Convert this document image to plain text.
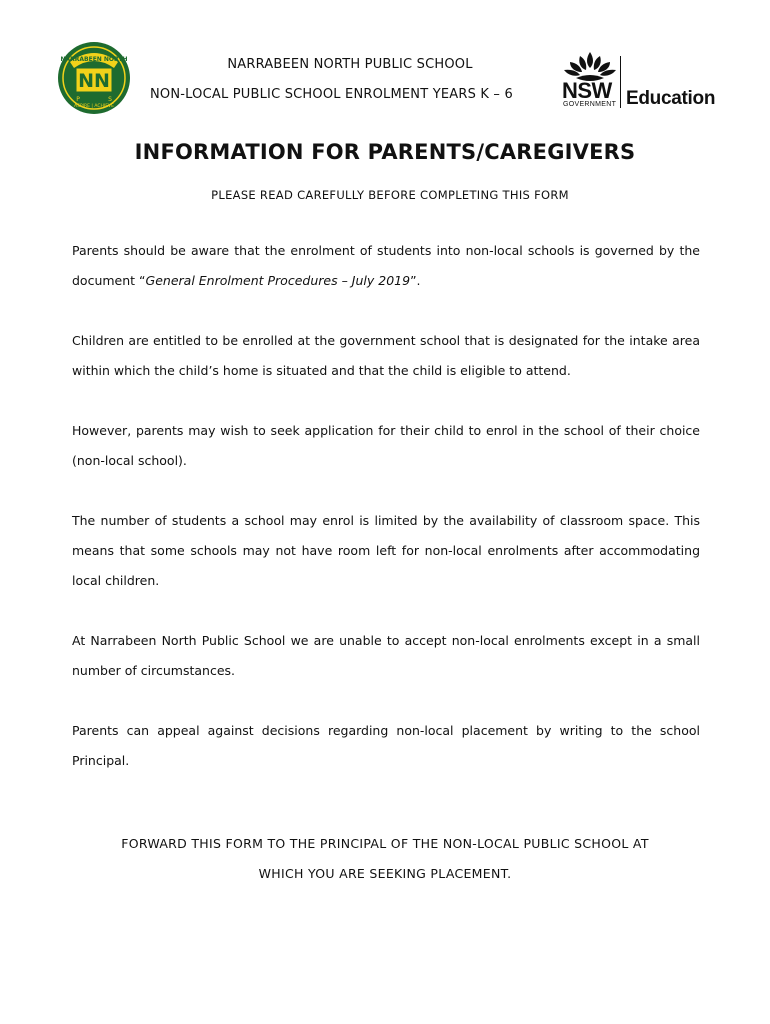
NARRABEEN NORTH
NN
P	S
ASPIRE | ACHIEVE
NARRABEEN NORTH PUBLIC SCHOOL
NON-LOCAL PUBLIC SCHOOL ENROLMENT YEARS K – 6	NSW
GOVERNMENT Education
INFORMATION FOR PARENTS/CAREGIVERS
PLEASE READ CAREFULLY BEFORE COMPLETING THIS FORM

Parents should be aware that the enrolment of students into non-local schools is governed by the document “General Enrolment Procedures – July 2019”.

Children are entitled to be enrolled at the government school that is designated for the intake area within which the child’s home is situated and that the child is eligible to attend.

However, parents may wish to seek application for their child to enrol in the school of their choice (non-local school).

The number of students a school may enrol is limited by the availability of classroom space. This means that some schools may not have room left for non-local enrolments after accommodating local children.

At Narrabeen North Public School we are unable to accept non-local enrolments except in a small number of circumstances.

Parents can appeal against decisions regarding non-local placement by writing to the school Principal.

FORWARD THIS FORM TO THE PRINCIPAL OF THE NON-LOCAL PUBLIC SCHOOL AT
WHICH YOU ARE SEEKING PLACEMENT.
